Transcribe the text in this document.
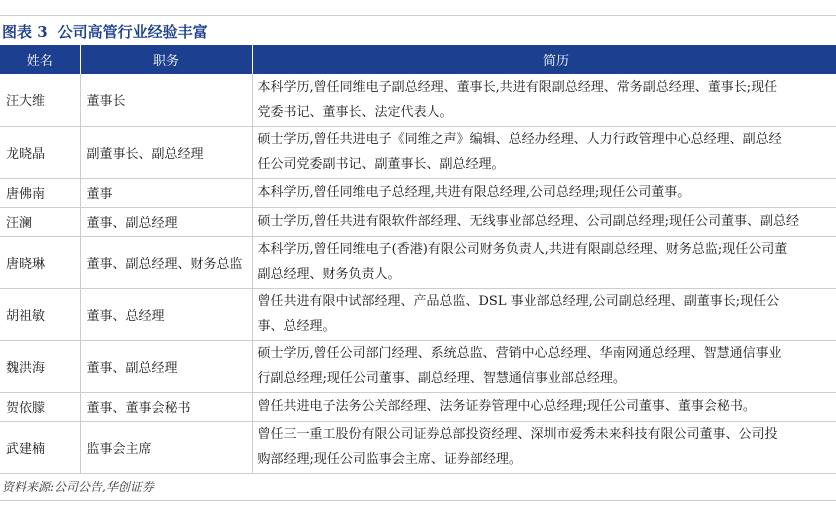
图表 3 公司高管行业经验丰富
姓名	职务	简历
汪大维	董事长	本科学历,曾任同维电子副总经理、董事长,共进有限副总经理、常务副总经理、董事长;现任
党委书记、董事长、法定代表人。

龙晓晶	副董事长、副总经理	硕士学历,曾任共进电子《同维之声》编辑、总经办经理、人力行政管理中心总经理、副总经
任公司党委副书记、副董事长、副总经理。

唐佛南	董事	本科学历,曾任同维电子总经理,共进有限总经理,公司总经理;现任公司董事。

汪澜	董事、副总经理	硕士学历,曾任共进有限软件部经理、无线事业部总经理、公司副总经理;现任公司董事、副总经

唐晓琳	董事、副总经理、财务总监	本科学历,曾任同维电子(香港)有限公司财务负责人,共进有限副总经理、财务总监;现任公司董
副总经理、财务负责人。

胡祖敏	董事、总经理	曾任共进有限中试部经理、产品总监、DSL 事业部总经理,公司副总经理、副董事长;现任公
事、总经理。

魏洪海	董事、副总经理	硕士学历,曾任公司部门经理、系统总监、营销中心总经理、华南网通总经理、智慧通信事业
行副总经理;现任公司董事、副总经理、智慧通信事业部总经理。

贺依朦	董事、董事会秘书	曾任共进电子法务公关部经理、法务证券管理中心总经理;现任公司董事、董事会秘书。

武建楠	监事会主席	曾任三一重工股份有限公司证券总部投资经理、深圳市爱秀未来科技有限公司董事、公司投
购部经理;现任公司监事会主席、证券部经理。
资料来源:公司公告,华创证券
